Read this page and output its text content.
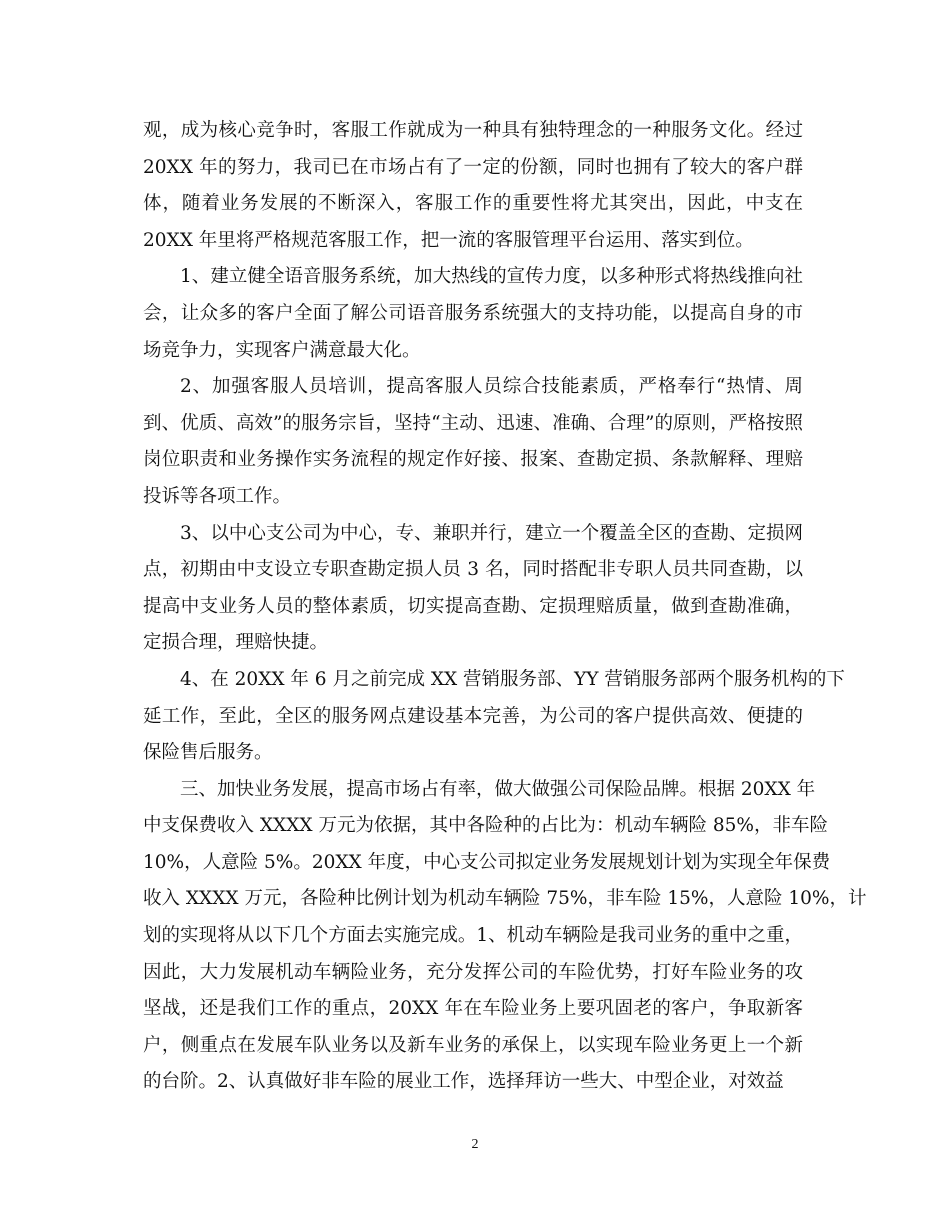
观，成为核心竞争时，客服工作就成为一种具有独特理念的一种服务文化。经过
20XX 年的努力，我司已在市场占有了一定的份额，同时也拥有了较大的客户群
体，随着业务发展的不断深入，客服工作的重要性将尤其突出，因此，中支在
20XX 年里将严格规范客服工作，把一流的客服管理平台运用、落实到位。
1、建立健全语音服务系统，加大热线的宣传力度，以多种形式将热线推向社
会，让众多的客户全面了解公司语音服务系统强大的支持功能，以提高自身的市
场竞争力，实现客户满意最大化。
2、加强客服人员培训，提高客服人员综合技能素质，严格奉行“热情、周
到、优质、高效”的服务宗旨，坚持“主动、迅速、准确、合理”的原则，严格按照
岗位职责和业务操作实务流程的规定作好接、报案、查勘定损、条款解释、理赔
投诉等各项工作。
3、以中心支公司为中心，专、兼职并行，建立一个覆盖全区的查勘、定损网
点，初期由中支设立专职查勘定损人员 3 名，同时搭配非专职人员共同查勘，以
提高中支业务人员的整体素质，切实提高查勘、定损理赔质量，做到查勘准确，
定损合理，理赔快捷。
4、在 20XX 年 6 月之前完成 XX 营销服务部、YY 营销服务部两个服务机构的下
延工作，至此，全区的服务网点建设基本完善，为公司的客户提供高效、便捷的
保险售后服务。
三、加快业务发展，提高市场占有率，做大做强公司保险品牌。根据 20XX 年
中支保费收入 XXXX 万元为依据，其中各险种的占比为：机动车辆险 85%，非车险
10%，人意险 5%。20XX 年度，中心支公司拟定业务发展规划计划为实现全年保费
收入 XXXX 万元，各险种比例计划为机动车辆险 75%，非车险 15%，人意险 10%，计
划的实现将从以下几个方面去实施完成。1、机动车辆险是我司业务的重中之重，
因此，大力发展机动车辆险业务，充分发挥公司的车险优势，打好车险业务的攻
坚战，还是我们工作的重点，20XX 年在车险业务上要巩固老的客户，争取新客
户，侧重点在发展车队业务以及新车业务的承保上，以实现车险业务更上一个新
的台阶。2、认真做好非车险的展业工作，选择拜访一些大、中型企业，对效益
2
